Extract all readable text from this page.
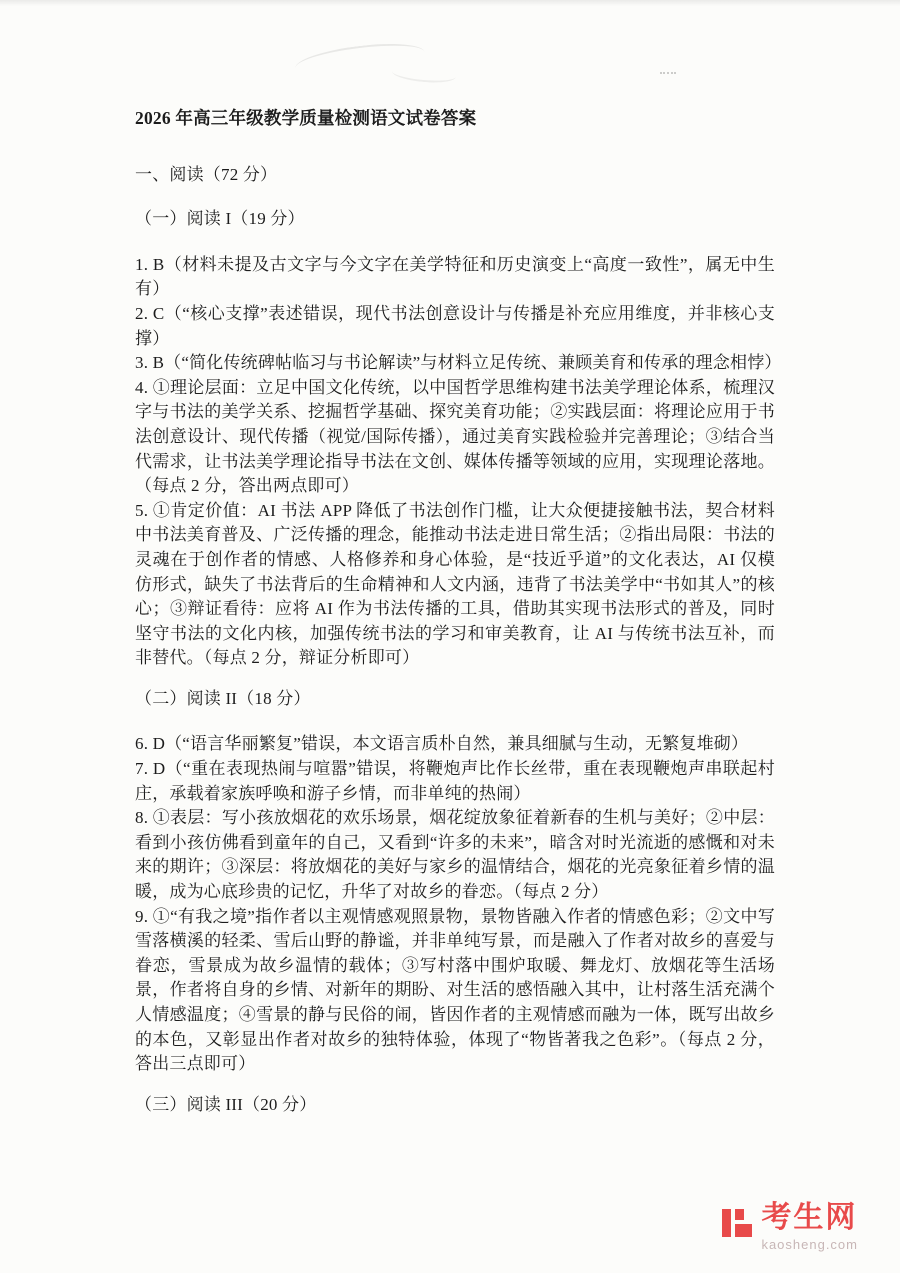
2026 年高三年级教学质量检测语文试卷答案
一、阅读（72 分）
（一）阅读 I（19 分）

1. B（材料未提及古文字与今文字在美学特征和历史演变上“高度一致性”，属无中生有）

2. C（“核心支撑”表述错误，现代书法创意设计与传播是补充应用维度，并非核心支撑）

3. B（“简化传统碑帖临习与书论解读”与材料立足传统、兼顾美育和传承的理念相悖）

4. ①理论层面：立足中国文化传统，以中国哲学思维构建书法美学理论体系，梳理汉字与书法的美学关系、挖掘哲学基础、探究美育功能；②实践层面：将理论应用于书法创意设计、现代传播（视觉/国际传播），通过美育实践检验并完善理论；③结合当代需求，让书法美学理论指导书法在文创、媒体传播等领域的应用，实现理论落地。（每点 2 分，答出两点即可）

5. ①肯定价值：AI 书法 APP 降低了书法创作门槛，让大众便捷接触书法，契合材料中书法美育普及、广泛传播的理念，能推动书法走进日常生活；②指出局限：书法的灵魂在于创作者的情感、人格修养和身心体验，是“技近乎道”的文化表达，AI 仅模仿形式，缺失了书法背后的生命精神和人文内涵，违背了书法美学中“书如其人”的核心；③辩证看待：应将 AI 作为书法传播的工具，借助其实现书法形式的普及，同时坚守书法的文化内核，加强传统书法的学习和审美教育，让 AI 与传统书法互补，而非替代。（每点 2 分，辩证分析即可）

（二）阅读 II（18 分）

6. D（“语言华丽繁复”错误，本文语言质朴自然，兼具细腻与生动，无繁复堆砌）

7. D（“重在表现热闹与喧嚣”错误，将鞭炮声比作长丝带，重在表现鞭炮声串联起村庄，承载着家族呼唤和游子乡情，而非单纯的热闹）

8. ①表层：写小孩放烟花的欢乐场景，烟花绽放象征着新春的生机与美好；②中层：看到小孩仿佛看到童年的自己，又看到“许多的未来”，暗含对时光流逝的感慨和对未来的期许；③深层：将放烟花的美好与家乡的温情结合，烟花的光亮象征着乡情的温暖，成为心底珍贵的记忆，升华了对故乡的眷恋。（每点 2 分）

9. ①“有我之境”指作者以主观情感观照景物，景物皆融入作者的情感色彩；②文中写雪落横溪的轻柔、雪后山野的静谧，并非单纯写景，而是融入了作者对故乡的喜爱与眷恋，雪景成为故乡温情的载体；③写村落中围炉取暖、舞龙灯、放烟花等生活场景，作者将自身的乡情、对新年的期盼、对生活的感悟融入其中，让村落生活充满个人情感温度；④雪景的静与民俗的闹，皆因作者的主观情感而融为一体，既写出故乡的本色，又彰显出作者对故乡的独特体验，体现了“物皆著我之色彩”。（每点 2 分，答出三点即可）

（三）阅读 III（20 分）
考生网
kaosheng.com
